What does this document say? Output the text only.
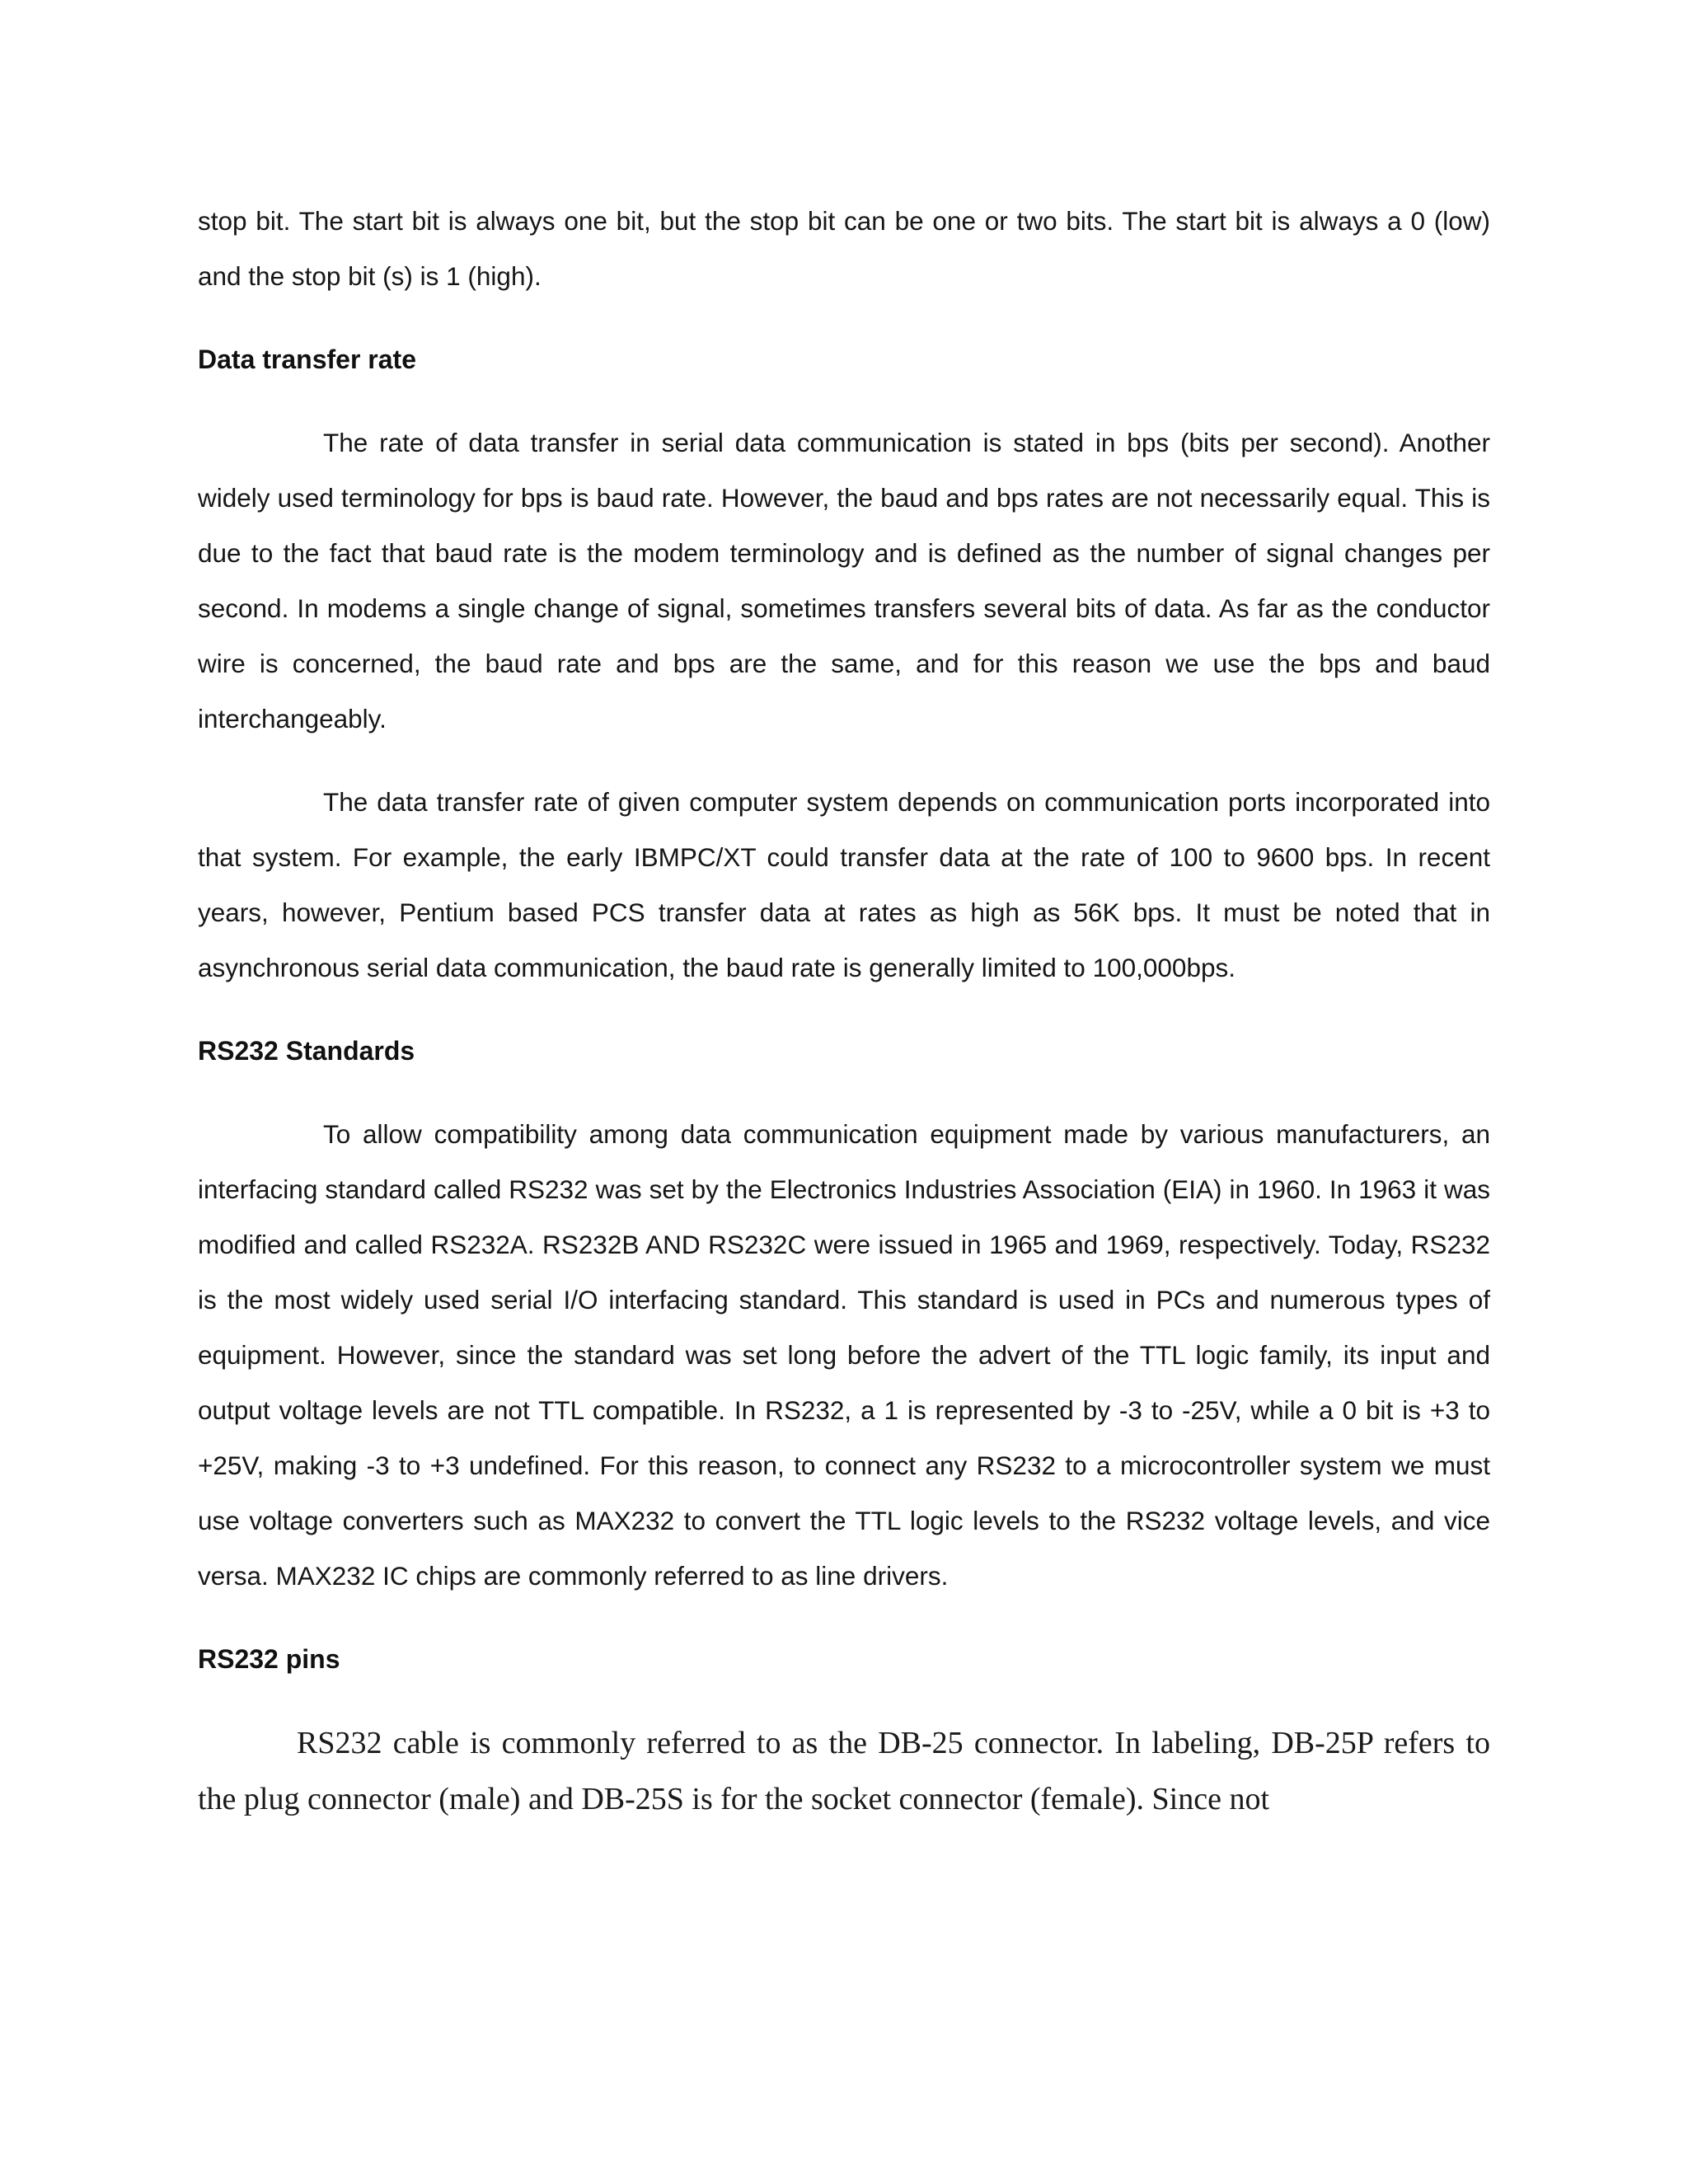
stop bit. The start bit is always one bit, but the stop bit can be one or two bits. The start bit is always a 0 (low) and the stop bit (s) is 1 (high).

Data transfer rate

The rate of data transfer in serial data communication is stated in bps (bits per second). Another widely used terminology for bps is baud rate. However, the baud and bps rates are not necessarily equal. This is due to the fact that baud rate is the modem terminology and is defined as the number of signal changes per second. In modems a single change of signal, sometimes transfers several bits of data. As far as the conductor wire is concerned, the baud rate and bps are the same, and for this reason we use the bps and baud interchangeably.

The data transfer rate of given computer system depends on communication ports incorporated into that system. For example, the early IBMPC/XT could transfer data at the rate of 100 to 9600 bps. In recent years, however, Pentium based PCS transfer data at rates as high as 56K bps. It must be noted that in asynchronous serial data communication, the baud rate is generally limited to 100,000bps.

RS232 Standards

To allow compatibility among data communication equipment made by various manufacturers, an interfacing standard called RS232 was set by the Electronics Industries Association (EIA) in 1960. In 1963 it was modified and called RS232A. RS232B AND RS232C were issued in 1965 and 1969, respectively. Today, RS232 is the most widely used serial I/O interfacing standard. This standard is used in PCs and numerous types of equipment. However, since the standard was set long before the advert of the TTL logic family, its input and output voltage levels are not TTL compatible. In RS232, a 1 is represented by -3 to -25V, while a 0 bit is +3 to +25V, making -3 to +3 undefined. For this reason, to connect any RS232 to a microcontroller system we must use voltage converters such as MAX232 to convert the TTL logic levels to the RS232 voltage levels, and vice versa. MAX232 IC chips are commonly referred to as line drivers.

RS232 pins

RS232 cable is commonly referred to as the DB-25 connector. In labeling, DB-25P refers to the plug connector (male) and DB-25S is for the socket connector (female). Since not
